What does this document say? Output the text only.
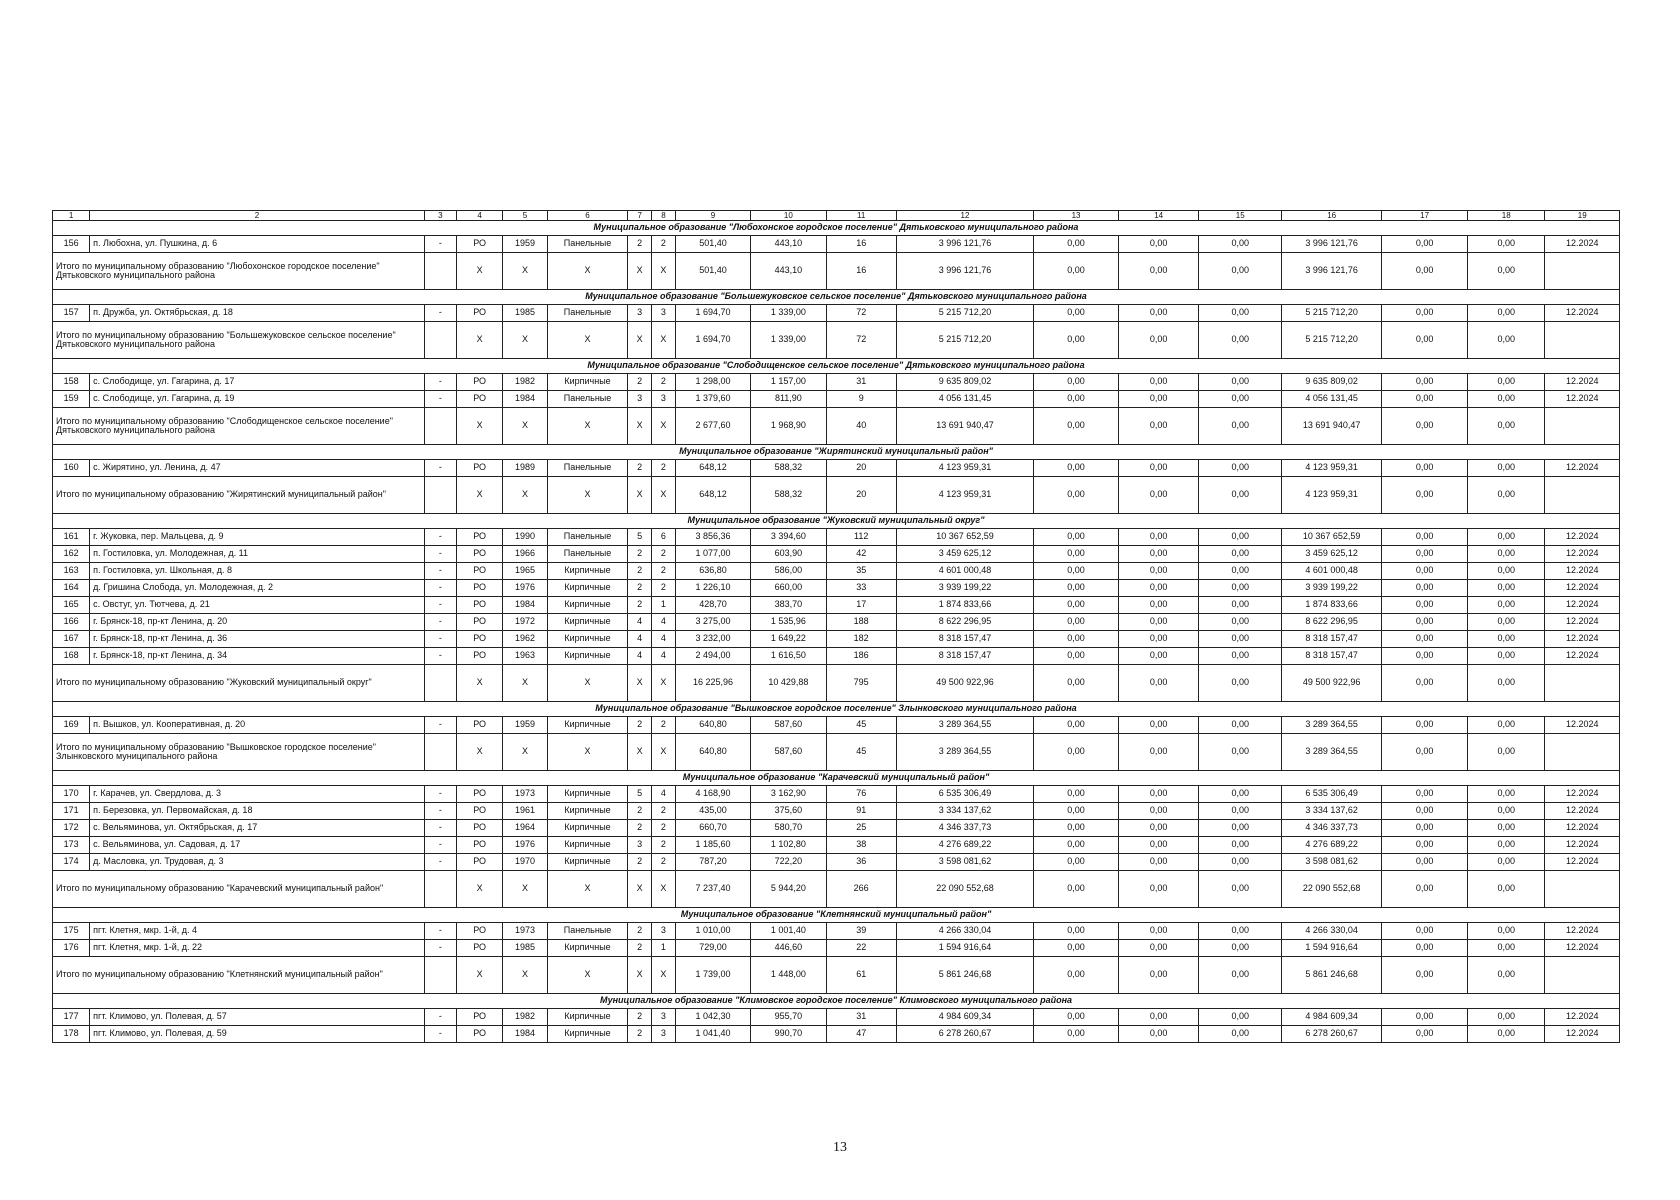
1	2	3	4	5	6	7	8	9	10	11	12	13	14	15	16	17	18	19
Муниципальное образование "Любохонское городское поселение" Дятьковского муниципального района																		
156	п. Любохна, ул. Пушкина, д. 6	-	РО	1959	Панельные	2	2	501,40	443,10	16	3 996 121,76	0,00	0,00	0,00	3 996 121,76	0,00	0,00	12.2024
Итого по муниципальному образованию "Любохонское городское поселение" Дятьковского муниципального района			Х	Х	Х	Х	Х	501,40	443,10	16	3 996 121,76	0,00	0,00	0,00	3 996 121,76	0,00	0,00	
Муниципальное образование "Большежуковское сельское поселение" Дятьковского муниципального района																		
157	п. Дружба, ул. Октябрьская, д. 18	-	РО	1985	Панельные	3	3	1 694,70	1 339,00	72	5 215 712,20	0,00	0,00	0,00	5 215 712,20	0,00	0,00	12.2024
Итого по муниципальному образованию "Большежуковское сельское поселение" Дятьковского муниципального района			Х	Х	Х	Х	Х	1 694,70	1 339,00	72	5 215 712,20	0,00	0,00	0,00	5 215 712,20	0,00	0,00	
Муниципальное образование "Слободищенское сельское поселение" Дятьковского муниципального района																		
158	с. Слободище, ул. Гагарина, д. 17	-	РО	1982	Кирпичные	2	2	1 298,00	1 157,00	31	9 635 809,02	0,00	0,00	0,00	9 635 809,02	0,00	0,00	12.2024
159	с. Слободище, ул. Гагарина, д. 19	-	РО	1984	Панельные	3	3	1 379,60	811,90	9	4 056 131,45	0,00	0,00	0,00	4 056 131,45	0,00	0,00	12.2024
Итого по муниципальному образованию "Слободищенское сельское поселение" Дятьковского муниципального района			Х	Х	Х	Х	Х	2 677,60	1 968,90	40	13 691 940,47	0,00	0,00	0,00	13 691 940,47	0,00	0,00	
Муниципальное образование "Жирятинский муниципальный район"																		
160	с. Жирятино, ул. Ленина, д. 47	-	РО	1989	Панельные	2	2	648,12	588,32	20	4 123 959,31	0,00	0,00	0,00	4 123 959,31	0,00	0,00	12.2024
Итого по муниципальному образованию "Жирятинский муниципальный район"			Х	Х	Х	Х	Х	648,12	588,32	20	4 123 959,31	0,00	0,00	0,00	4 123 959,31	0,00	0,00	
Муниципальное образование "Жуковский муниципальный округ"																		
161	г. Жуковка, пер. Мальцева, д. 9	-	РО	1990	Панельные	5	6	3 856,36	3 394,60	112	10 367 652,59	0,00	0,00	0,00	10 367 652,59	0,00	0,00	12.2024
162	п. Гостиловка, ул. Молодежная, д. 11	-	РО	1966	Панельные	2	2	1 077,00	603,90	42	3 459 625,12	0,00	0,00	0,00	3 459 625,12	0,00	0,00	12.2024
163	п. Гостиловка, ул. Школьная, д. 8	-	РО	1965	Кирпичные	2	2	636,80	586,00	35	4 601 000,48	0,00	0,00	0,00	4 601 000,48	0,00	0,00	12.2024
164	д. Гришина Слобода, ул. Молодежная, д. 2	-	РО	1976	Кирпичные	2	2	1 226,10	660,00	33	3 939 199,22	0,00	0,00	0,00	3 939 199,22	0,00	0,00	12.2024
165	с. Овстуг, ул. Тютчева, д. 21	-	РО	1984	Кирпичные	2	1	428,70	383,70	17	1 874 833,66	0,00	0,00	0,00	1 874 833,66	0,00	0,00	12.2024
166	г. Брянск-18, пр-кт Ленина, д. 20	-	РО	1972	Кирпичные	4	4	3 275,00	1 535,96	188	8 622 296,95	0,00	0,00	0,00	8 622 296,95	0,00	0,00	12.2024
167	г. Брянск-18, пр-кт Ленина, д. 36	-	РО	1962	Кирпичные	4	4	3 232,00	1 649,22	182	8 318 157,47	0,00	0,00	0,00	8 318 157,47	0,00	0,00	12.2024
168	г. Брянск-18, пр-кт Ленина, д. 34	-	РО	1963	Кирпичные	4	4	2 494,00	1 616,50	186	8 318 157,47	0,00	0,00	0,00	8 318 157,47	0,00	0,00	12.2024
Итого по муниципальному образованию "Жуковский муниципальный округ"			Х	Х	Х	Х	Х	16 225,96	10 429,88	795	49 500 922,96	0,00	0,00	0,00	49 500 922,96	0,00	0,00	
Муниципальное образование "Вышковское городское поселение" Злынковского муниципального района																		
169	п. Вышков, ул. Кооперативная, д. 20	-	РО	1959	Кирпичные	2	2	640,80	587,60	45	3 289 364,55	0,00	0,00	0,00	3 289 364,55	0,00	0,00	12.2024
Итого по муниципальному образованию "Вышковское городское поселение" Злынковского муниципального района			Х	Х	Х	Х	Х	640,80	587,60	45	3 289 364,55	0,00	0,00	0,00	3 289 364,55	0,00	0,00	
Муниципальное образование "Карачевский муниципальный район"																		
170	г. Карачев, ул. Свердлова, д. 3	-	РО	1973	Кирпичные	5	4	4 168,90	3 162,90	76	6 535 306,49	0,00	0,00	0,00	6 535 306,49	0,00	0,00	12.2024
171	п. Березовка, ул. Первомайская, д. 18	-	РО	1961	Кирпичные	2	2	435,00	375,60	91	3 334 137,62	0,00	0,00	0,00	3 334 137,62	0,00	0,00	12.2024
172	с. Вельяминова, ул. Октябрьская, д. 17	-	РО	1964	Кирпичные	2	2	660,70	580,70	25	4 346 337,73	0,00	0,00	0,00	4 346 337,73	0,00	0,00	12.2024
173	с. Вельяминова, ул. Садовая, д. 17	-	РО	1976	Кирпичные	3	2	1 185,60	1 102,80	38	4 276 689,22	0,00	0,00	0,00	4 276 689,22	0,00	0,00	12.2024
174	д. Масловка, ул. Трудовая, д. 3	-	РО	1970	Кирпичные	2	2	787,20	722,20	36	3 598 081,62	0,00	0,00	0,00	3 598 081,62	0,00	0,00	12.2024
Итого по муниципальному образованию "Карачевский муниципальный район"			Х	Х	Х	Х	Х	7 237,40	5 944,20	266	22 090 552,68	0,00	0,00	0,00	22 090 552,68	0,00	0,00	
Муниципальное образование "Клетнянский муниципальный район"																		
175	пгт. Клетня, мкр. 1-й, д. 4	-	РО	1973	Панельные	2	3	1 010,00	1 001,40	39	4 266 330,04	0,00	0,00	0,00	4 266 330,04	0,00	0,00	12.2024
176	пгт. Клетня, мкр. 1-й, д. 22	-	РО	1985	Кирпичные	2	1	729,00	446,60	22	1 594 916,64	0,00	0,00	0,00	1 594 916,64	0,00	0,00	12.2024
Итого по муниципальному образованию "Клетнянский муниципальный район"			Х	Х	Х	Х	Х	1 739,00	1 448,00	61	5 861 246,68	0,00	0,00	0,00	5 861 246,68	0,00	0,00	
Муниципальное образование "Климовское городское поселение" Климовского муниципального района																		
177	пгт. Климово, ул. Полевая, д. 57	-	РО	1982	Кирпичные	2	3	1 042,30	955,70	31	4 984 609,34	0,00	0,00	0,00	4 984 609,34	0,00	0,00	12.2024
178	пгт. Климово, ул. Полевая, д. 59	-	РО	1984	Кирпичные	2	3	1 041,40	990,70	47	6 278 260,67	0,00	0,00	0,00	6 278 260,67	0,00	0,00	12.2024
13
